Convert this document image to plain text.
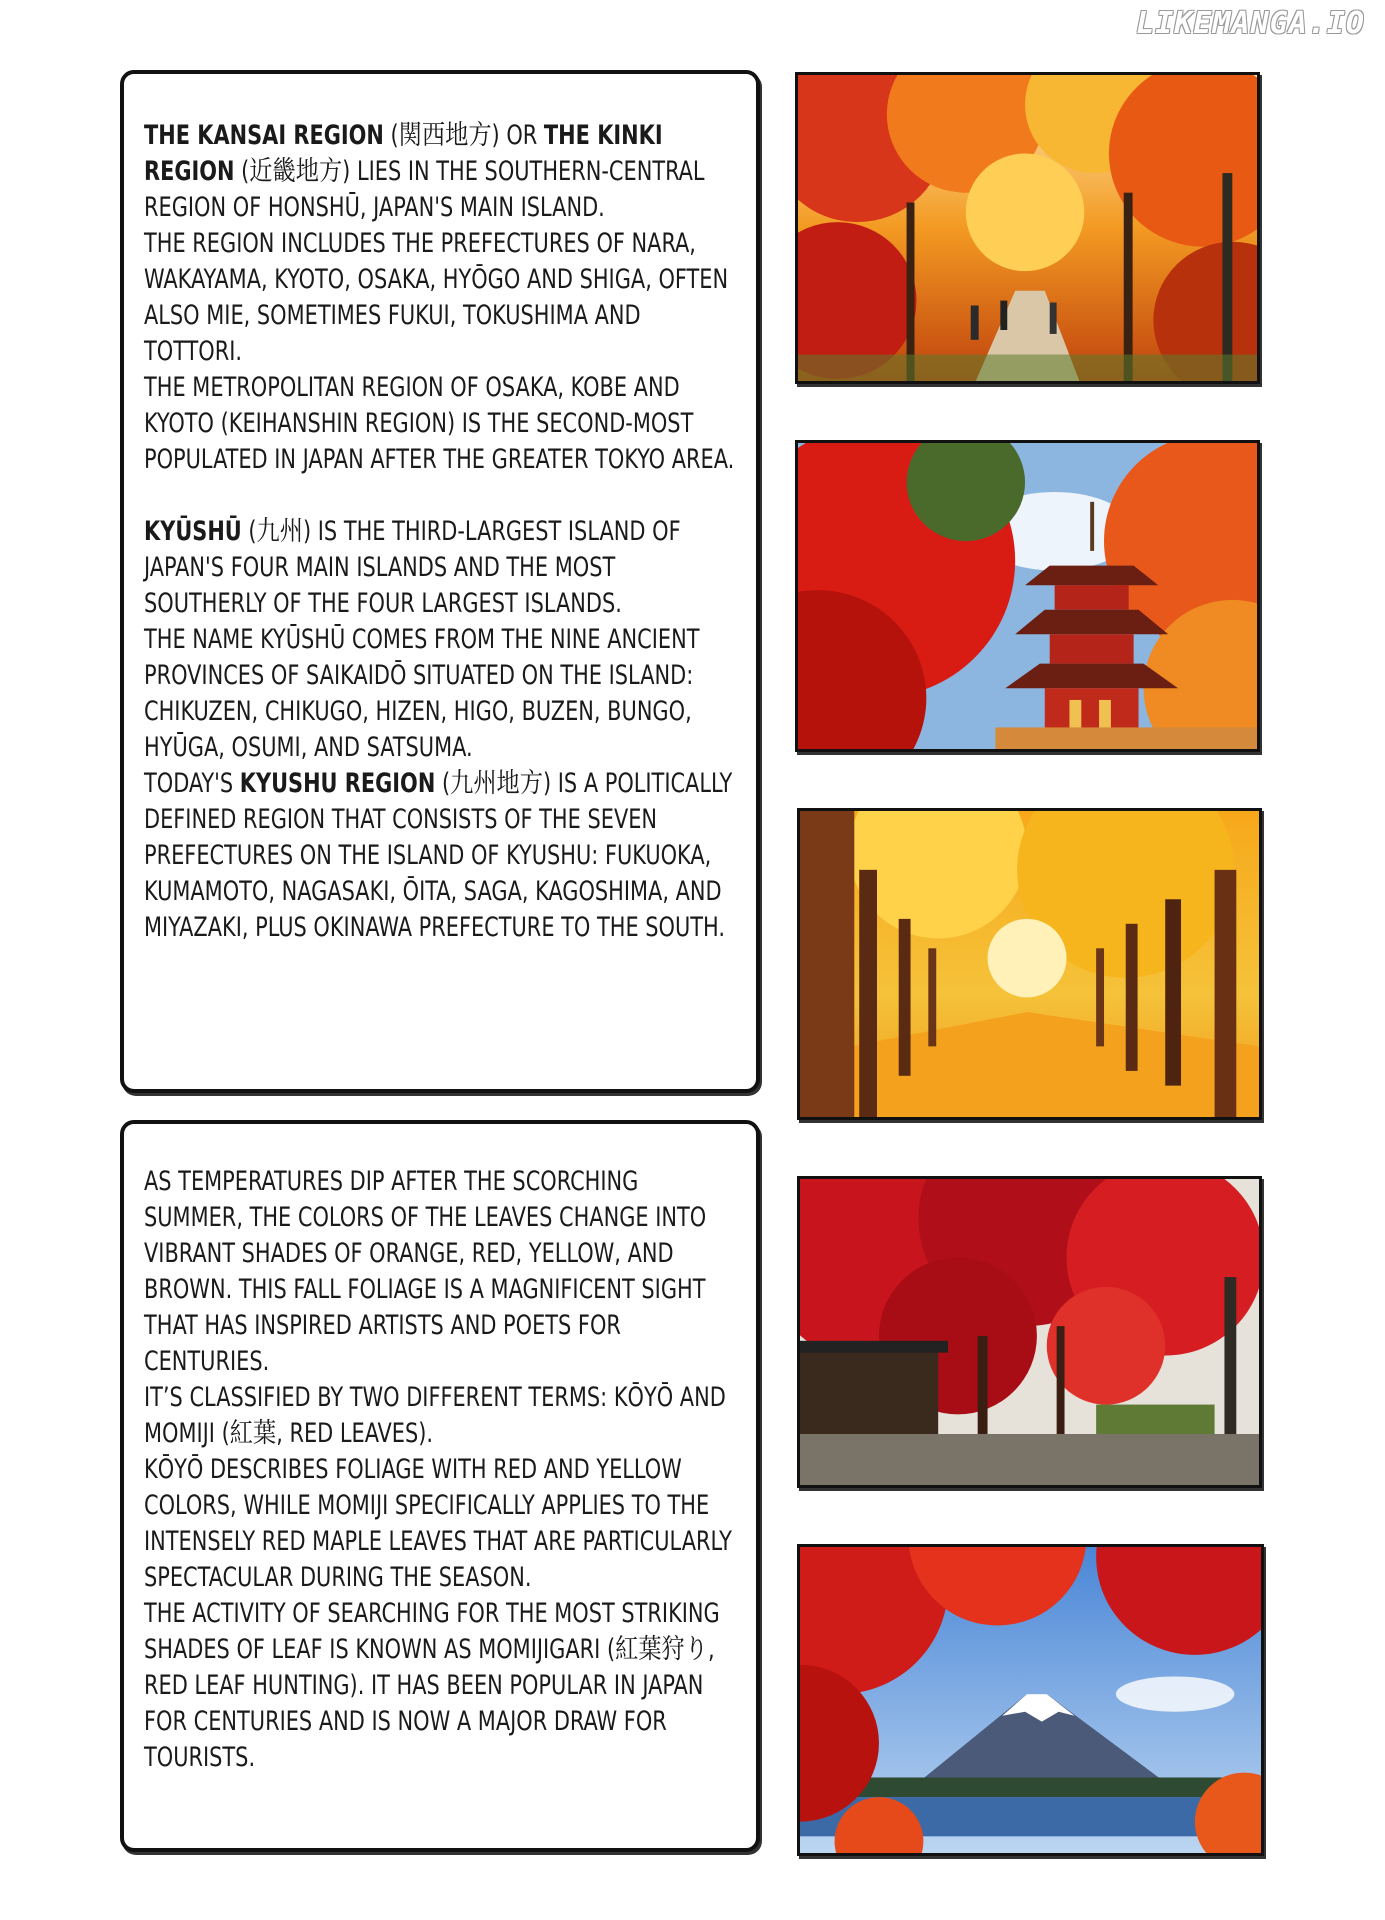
LIKEMANGA.IO

THE KANSAI REGION (関西地方) OR THE KINKI REGION (近畿地方) LIES IN THE SOUTHERN-CENTRAL REGION OF HONSHŪ, JAPAN'S MAIN ISLAND.

THE REGION INCLUDES THE PREFECTURES OF NARA, WAKAYAMA, KYOTO, OSAKA, HYŌGO AND SHIGA, OFTEN ALSO MIE, SOMETIMES FUKUI, TOKUSHIMA AND TOTTORI.

THE METROPOLITAN REGION OF OSAKA, KOBE AND KYOTO (KEIHANSHIN REGION) IS THE SECOND-MOST POPULATED IN JAPAN AFTER THE GREATER TOKYO AREA.

KYŪSHŪ (九州) IS THE THIRD-LARGEST ISLAND OF JAPAN'S FOUR MAIN ISLANDS AND THE MOST SOUTHERLY OF THE FOUR LARGEST ISLANDS.

THE NAME KYŪSHŪ COMES FROM THE NINE ANCIENT PROVINCES OF SAIKAIDŌ SITUATED ON THE ISLAND: CHIKUZEN, CHIKUGO, HIZEN, HIGO, BUZEN, BUNGO, HYŪGA, OSUMI, AND SATSUMA.

TODAY'S KYUSHU REGION (九州地方) IS A POLITICALLY DEFINED REGION THAT CONSISTS OF THE SEVEN PREFECTURES ON THE ISLAND OF KYUSHU: FUKUOKA, KUMAMOTO, NAGASAKI, ŌITA, SAGA, KAGOSHIMA, AND MIYAZAKI, PLUS OKINAWA PREFECTURE TO THE SOUTH.

AS TEMPERATURES DIP AFTER THE SCORCHING SUMMER, THE COLORS OF THE LEAVES CHANGE INTO VIBRANT SHADES OF ORANGE, RED, YELLOW, AND BROWN. THIS FALL FOLIAGE IS A MAGNIFICENT SIGHT THAT HAS INSPIRED ARTISTS AND POETS FOR CENTURIES.

IT’S CLASSIFIED BY TWO DIFFERENT TERMS: KŌYŌ AND MOMIJI (紅葉, RED LEAVES).

KŌYŌ DESCRIBES FOLIAGE WITH RED AND YELLOW COLORS, WHILE MOMIJI SPECIFICALLY APPLIES TO THE INTENSELY RED MAPLE LEAVES THAT ARE PARTICULARLY SPECTACULAR DURING THE SEASON.

THE ACTIVITY OF SEARCHING FOR THE MOST STRIKING SHADES OF LEAF IS KNOWN AS MOMIJIGARI (紅葉狩り, RED LEAF HUNTING). IT HAS BEEN POPULAR IN JAPAN FOR CENTURIES AND IS NOW A MAJOR DRAW FOR TOURISTS.
